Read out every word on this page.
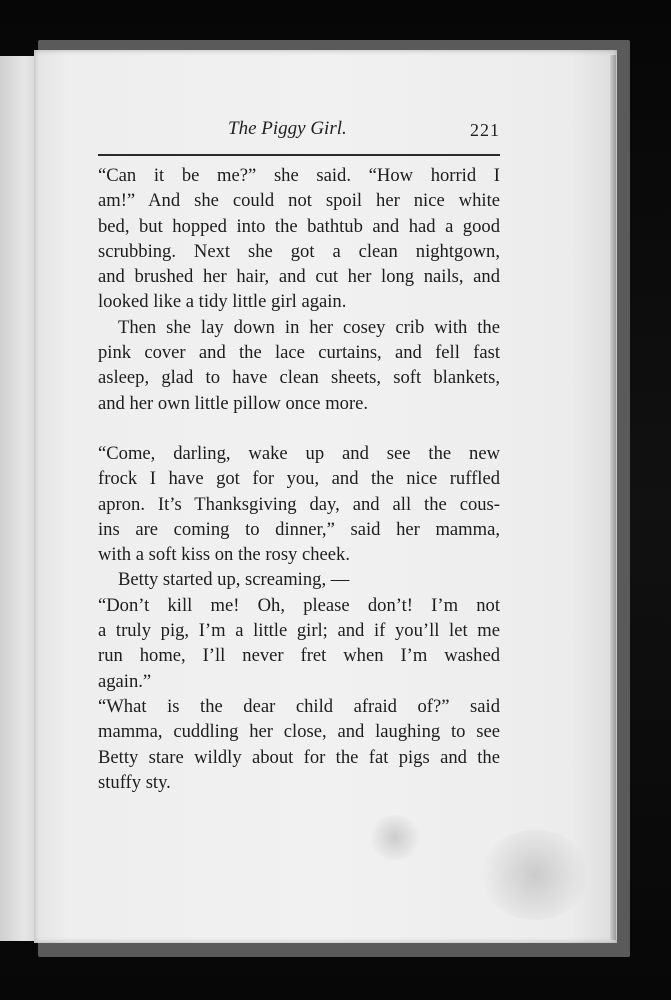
The Piggy Girl.	221
“Can it be me?” she said. “How horrid I
am!” And she could not spoil her nice white
bed, but hopped into the bathtub and had a good
scrubbing. Next she got a clean nightgown,
and brushed her hair, and cut her long nails, and
looked like a tidy little girl again.
Then she lay down in her cosey crib with the
pink cover and the lace curtains, and fell fast
asleep, glad to have clean sheets, soft blankets,
and her own little pillow once more.
“Come, darling, wake up and see the new
frock I have got for you, and the nice ruffled
apron. It’s Thanksgiving day, and all the cous-
ins are coming to dinner,” said her mamma,
with a soft kiss on the rosy cheek.
Betty started up, screaming, —
“Don’t kill me! Oh, please don’t! I’m not
a truly pig, I’m a little girl; and if you’ll let me
run home, I’ll never fret when I’m washed
again.”
“What is the dear child afraid of?” said
mamma, cuddling her close, and laughing to see
Betty stare wildly about for the fat pigs and the
stuffy sty.
